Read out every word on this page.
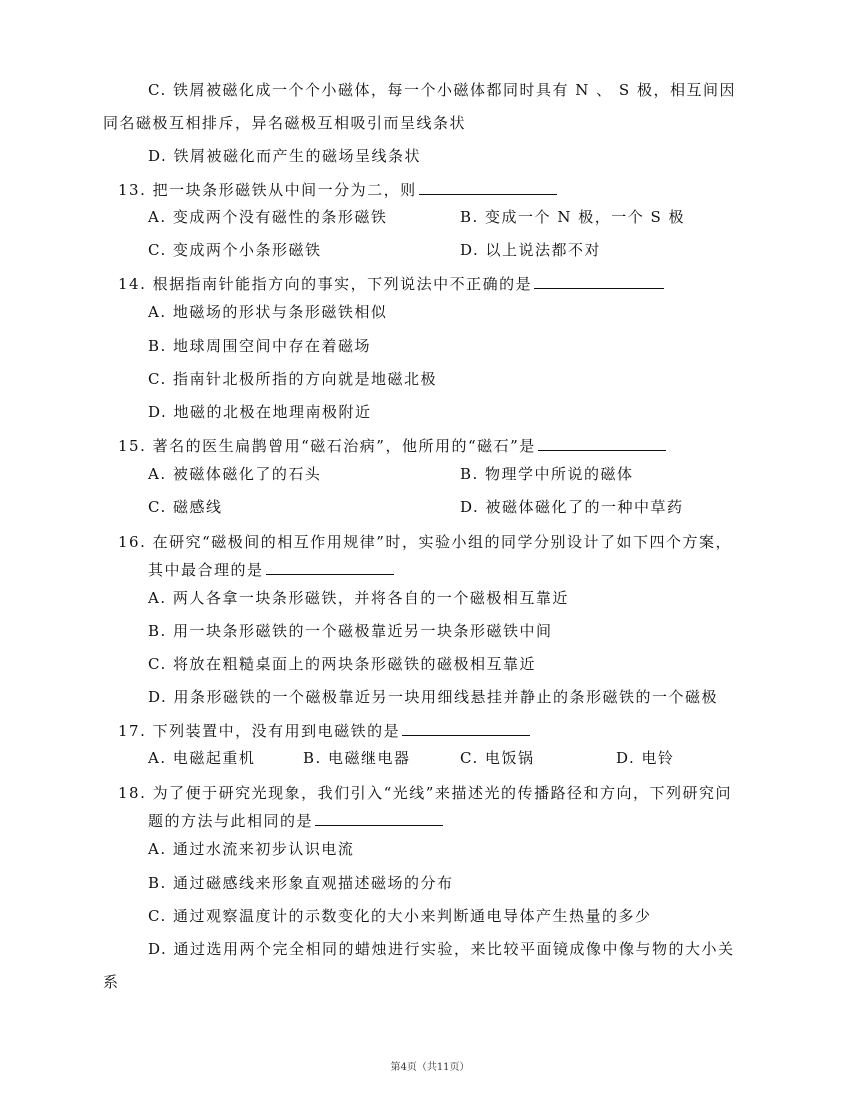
C. 铁屑被磁化成一个个小磁体，每一个小磁体都同时具有 N 、 S 极，相互间因
同名磁极互相排斥，异名磁极互相吸引而呈线条状
D. 铁屑被磁化而产生的磁场呈线条状
13. 把一块条形磁铁从中间一分为二，则
A. 变成两个没有磁性的条形磁铁	B. 变成一个 N 极，一个 S 极
C. 变成两个小条形磁铁	D. 以上说法都不对
14. 根据指南针能指方向的事实，下列说法中不正确的是
A. 地磁场的形状与条形磁铁相似
B. 地球周围空间中存在着磁场
C. 指南针北极所指的方向就是地磁北极
D. 地磁的北极在地理南极附近
15. 著名的医生扁鹊曾用“磁石治病”，他所用的“磁石”是
A. 被磁体磁化了的石头	B. 物理学中所说的磁体
C. 磁感线	D. 被磁体磁化了的一种中草药
16. 在研究“磁极间的相互作用规律”时，实验小组的同学分别设计了如下四个方案，
其中最合理的是
A. 两人各拿一块条形磁铁，并将各自的一个磁极相互靠近
B. 用一块条形磁铁的一个磁极靠近另一块条形磁铁中间
C. 将放在粗糙桌面上的两块条形磁铁的磁极相互靠近
D. 用条形磁铁的一个磁极靠近另一块用细线悬挂并静止的条形磁铁的一个磁极
17. 下列装置中，没有用到电磁铁的是
A. 电磁起重机	B. 电磁继电器	C. 电饭锅	D. 电铃
18. 为了便于研究光现象，我们引入“光线”来描述光的传播路径和方向，下列研究问
题的方法与此相同的是
A. 通过水流来初步认识电流
B. 通过磁感线来形象直观描述磁场的分布
C. 通过观察温度计的示数变化的大小来判断通电导体产生热量的多少
D. 通过选用两个完全相同的蜡烛进行实验，来比较平面镜成像中像与物的大小关
系
第4页（共11页）
